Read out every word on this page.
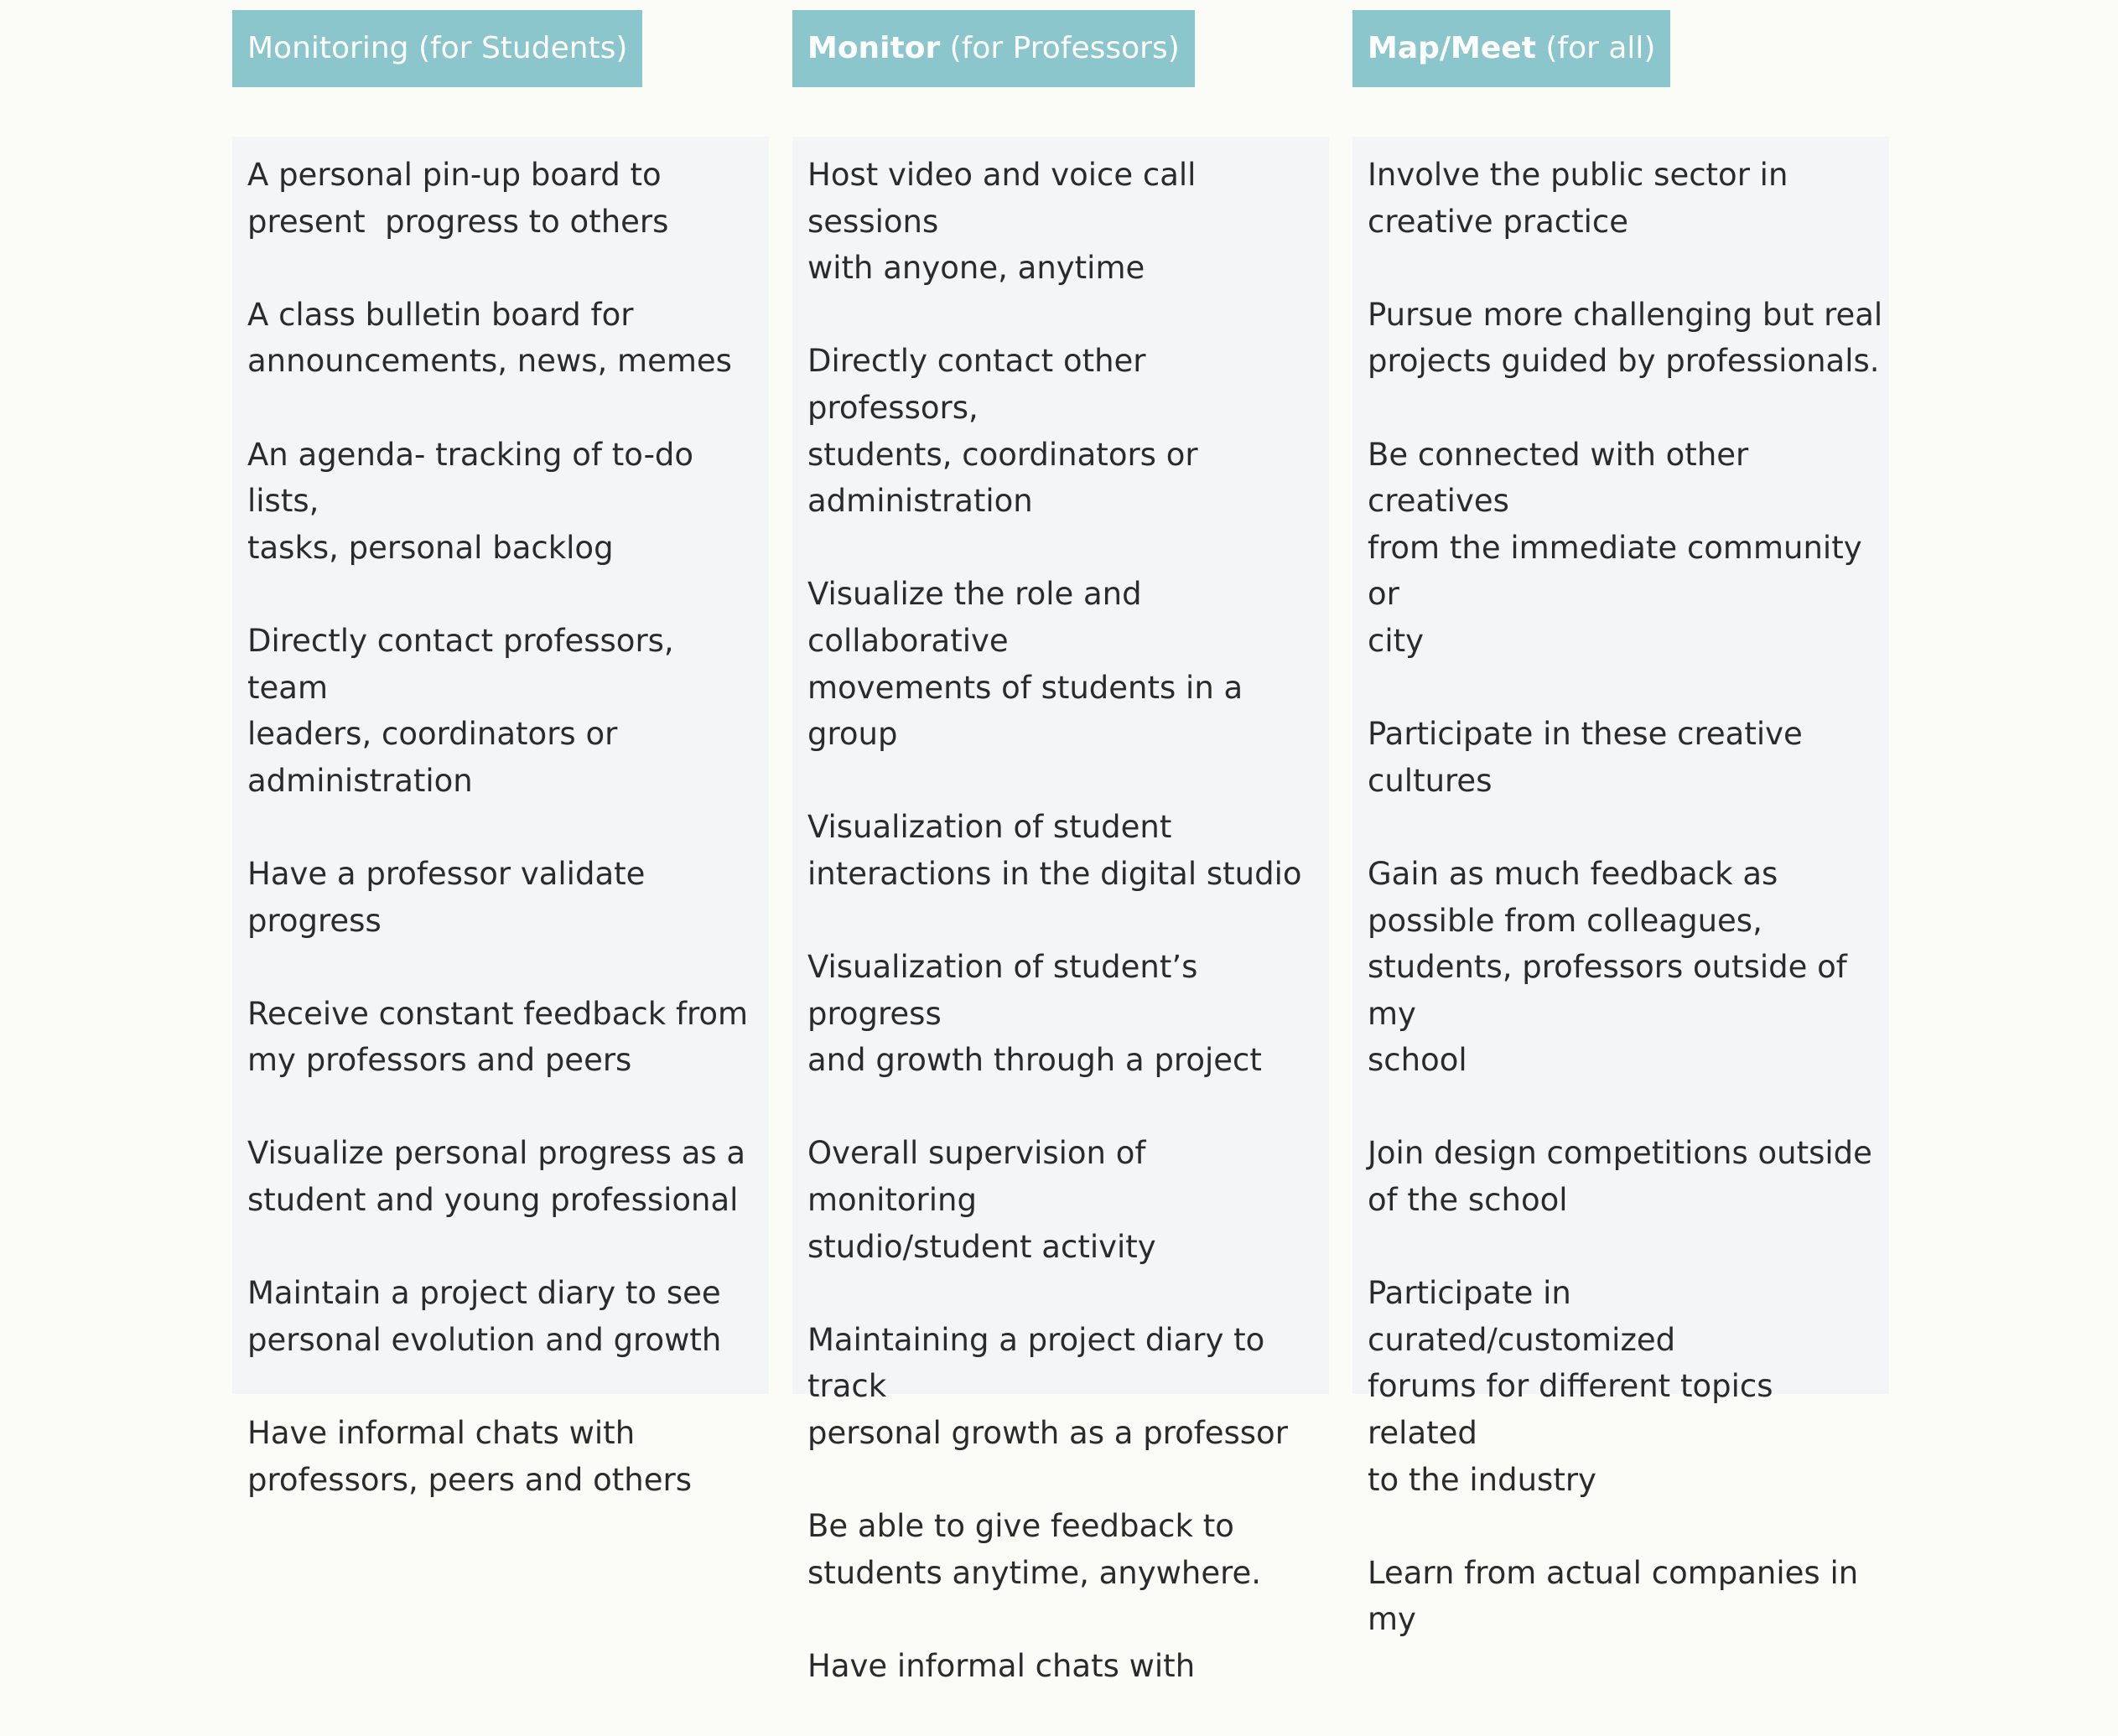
Monitoring (for Students)
A personal pin-up board to
present  progress to others
A class bulletin board for
announcements, news, memes
An agenda- tracking of to-do lists,
tasks, personal backlog
Directly contact professors, team
leaders, coordinators or
administration
Have a professor validate progress
Receive constant feedback from
my professors and peers
Visualize personal progress as a
student and young professional
Maintain a project diary to see
personal evolution and growth
Have informal chats with
professors, peers and others
Monitor (for Professors)
Host video and voice call sessions
with anyone, anytime
Directly contact other professors,
students, coordinators or
administration
Visualize the role and collaborative
movements of students in a group
Visualization of student
interactions in the digital studio
Visualization of student’s progress
and growth through a project
Overall supervision of monitoring
studio/student activity
Maintaining a project diary to track
personal growth as a professor
Be able to give feedback to
students anytime, anywhere.
Have informal chats with
Map/Meet (for all)
Involve the public sector in
creative practice
Pursue more challenging but real
projects guided by professionals.
Be connected with other creatives
from the immediate community or
city
Participate in these creative
cultures
Gain as much feedback as
possible from colleagues,
students, professors outside of my
school
Join design competitions outside
of the school
Participate in curated/customized
forums for different topics related
to the industry
Learn from actual companies in my
